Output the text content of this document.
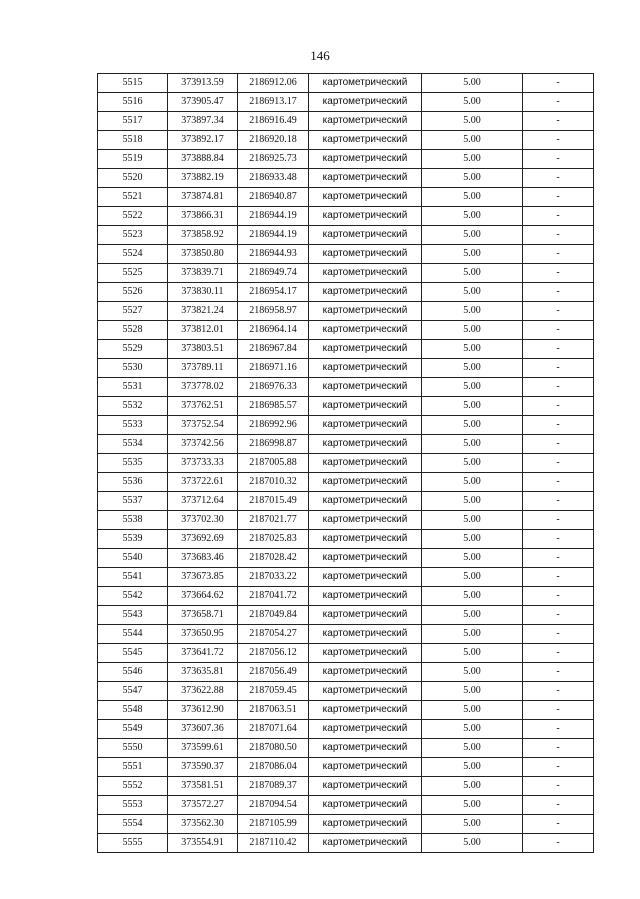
146
5515	373913.59	2186912.06	картометрический	5.00	-
5516	373905.47	2186913.17	картометрический	5.00	-
5517	373897.34	2186916.49	картометрический	5.00	-
5518	373892.17	2186920.18	картометрический	5.00	-
5519	373888.84	2186925.73	картометрический	5.00	-
5520	373882.19	2186933.48	картометрический	5.00	-
5521	373874.81	2186940.87	картометрический	5.00	-
5522	373866.31	2186944.19	картометрический	5.00	-
5523	373858.92	2186944.19	картометрический	5.00	-
5524	373850.80	2186944.93	картометрический	5.00	-
5525	373839.71	2186949.74	картометрический	5.00	-
5526	373830.11	2186954.17	картометрический	5.00	-
5527	373821.24	2186958.97	картометрический	5.00	-
5528	373812.01	2186964.14	картометрический	5.00	-
5529	373803.51	2186967.84	картометрический	5.00	-
5530	373789.11	2186971.16	картометрический	5.00	-
5531	373778.02	2186976.33	картометрический	5.00	-
5532	373762.51	2186985.57	картометрический	5.00	-
5533	373752.54	2186992.96	картометрический	5.00	-
5534	373742.56	2186998.87	картометрический	5.00	-
5535	373733.33	2187005.88	картометрический	5.00	-
5536	373722.61	2187010.32	картометрический	5.00	-
5537	373712.64	2187015.49	картометрический	5.00	-
5538	373702.30	2187021.77	картометрический	5.00	-
5539	373692.69	2187025.83	картометрический	5.00	-
5540	373683.46	2187028.42	картометрический	5.00	-
5541	373673.85	2187033.22	картометрический	5.00	-
5542	373664.62	2187041.72	картометрический	5.00	-
5543	373658.71	2187049.84	картометрический	5.00	-
5544	373650.95	2187054.27	картометрический	5.00	-
5545	373641.72	2187056.12	картометрический	5.00	-
5546	373635.81	2187056.49	картометрический	5.00	-
5547	373622.88	2187059.45	картометрический	5.00	-
5548	373612.90	2187063.51	картометрический	5.00	-
5549	373607.36	2187071.64	картометрический	5.00	-
5550	373599.61	2187080.50	картометрический	5.00	-
5551	373590.37	2187086.04	картометрический	5.00	-
5552	373581.51	2187089.37	картометрический	5.00	-
5553	373572.27	2187094.54	картометрический	5.00	-
5554	373562.30	2187105.99	картометрический	5.00	-
5555	373554.91	2187110.42	картометрический	5.00	-
